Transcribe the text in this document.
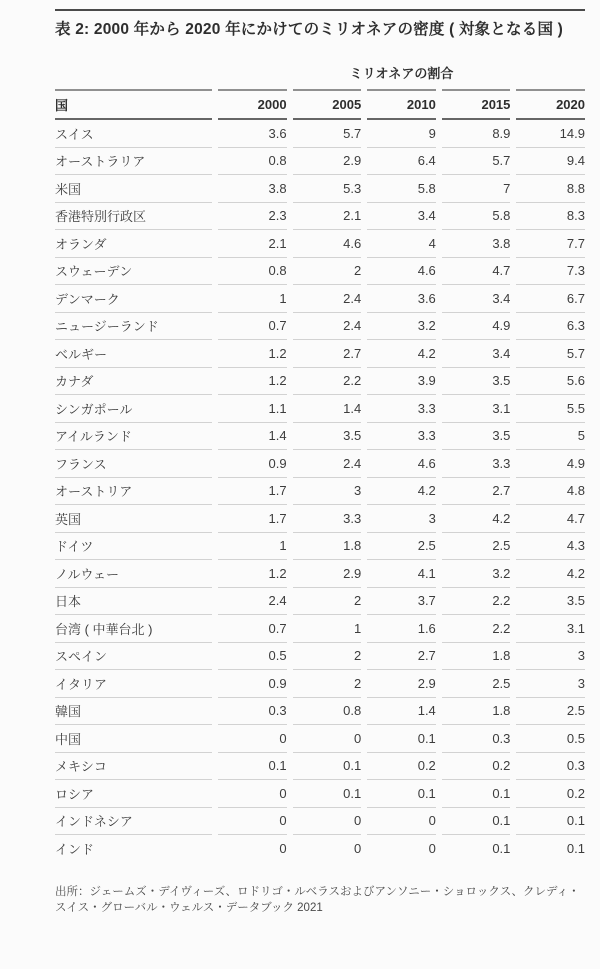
表 2: 2000 年から 2020 年にかけてのミリオネアの密度 ( 対象となる国 )
ミリオネアの割合
国	2000	2005	2010	2015	2020
スイス	3.6	5.7	9	8.9	14.9
オーストラリア	0.8	2.9	6.4	5.7	9.4
米国	3.8	5.3	5.8	7	8.8
香港特別行政区	2.3	2.1	3.4	5.8	8.3
オランダ	2.1	4.6	4	3.8	7.7
スウェーデン	0.8	2	4.6	4.7	7.3
デンマーク	1	2.4	3.6	3.4	6.7
ニュージーランド	0.7	2.4	3.2	4.9	6.3
ベルギー	1.2	2.7	4.2	3.4	5.7
カナダ	1.2	2.2	3.9	3.5	5.6
シンガポール	1.1	1.4	3.3	3.1	5.5
アイルランド	1.4	3.5	3.3	3.5	5
フランス	0.9	2.4	4.6	3.3	4.9
オーストリア	1.7	3	4.2	2.7	4.8
英国	1.7	3.3	3	4.2	4.7
ドイツ	1	1.8	2.5	2.5	4.3
ノルウェー	1.2	2.9	4.1	3.2	4.2
日本	2.4	2	3.7	2.2	3.5
台湾 ( 中華台北 )	0.7	1	1.6	2.2	3.1
スペイン	0.5	2	2.7	1.8	3
イタリア	0.9	2	2.9	2.5	3
韓国	0.3	0.8	1.4	1.8	2.5
中国	0	0	0.1	0.3	0.5
メキシコ	0.1	0.1	0.2	0.2	0.3
ロシア	0	0.1	0.1	0.1	0.2
インドネシア	0	0	0	0.1	0.1
インド	0	0	0	0.1	0.1
出所：ジェームズ・デイヴィーズ、ロドリゴ・ルベラスおよびアンソニー・ショロックス、クレディ・スイス・グローバル・ウェルス・データブック 2021
